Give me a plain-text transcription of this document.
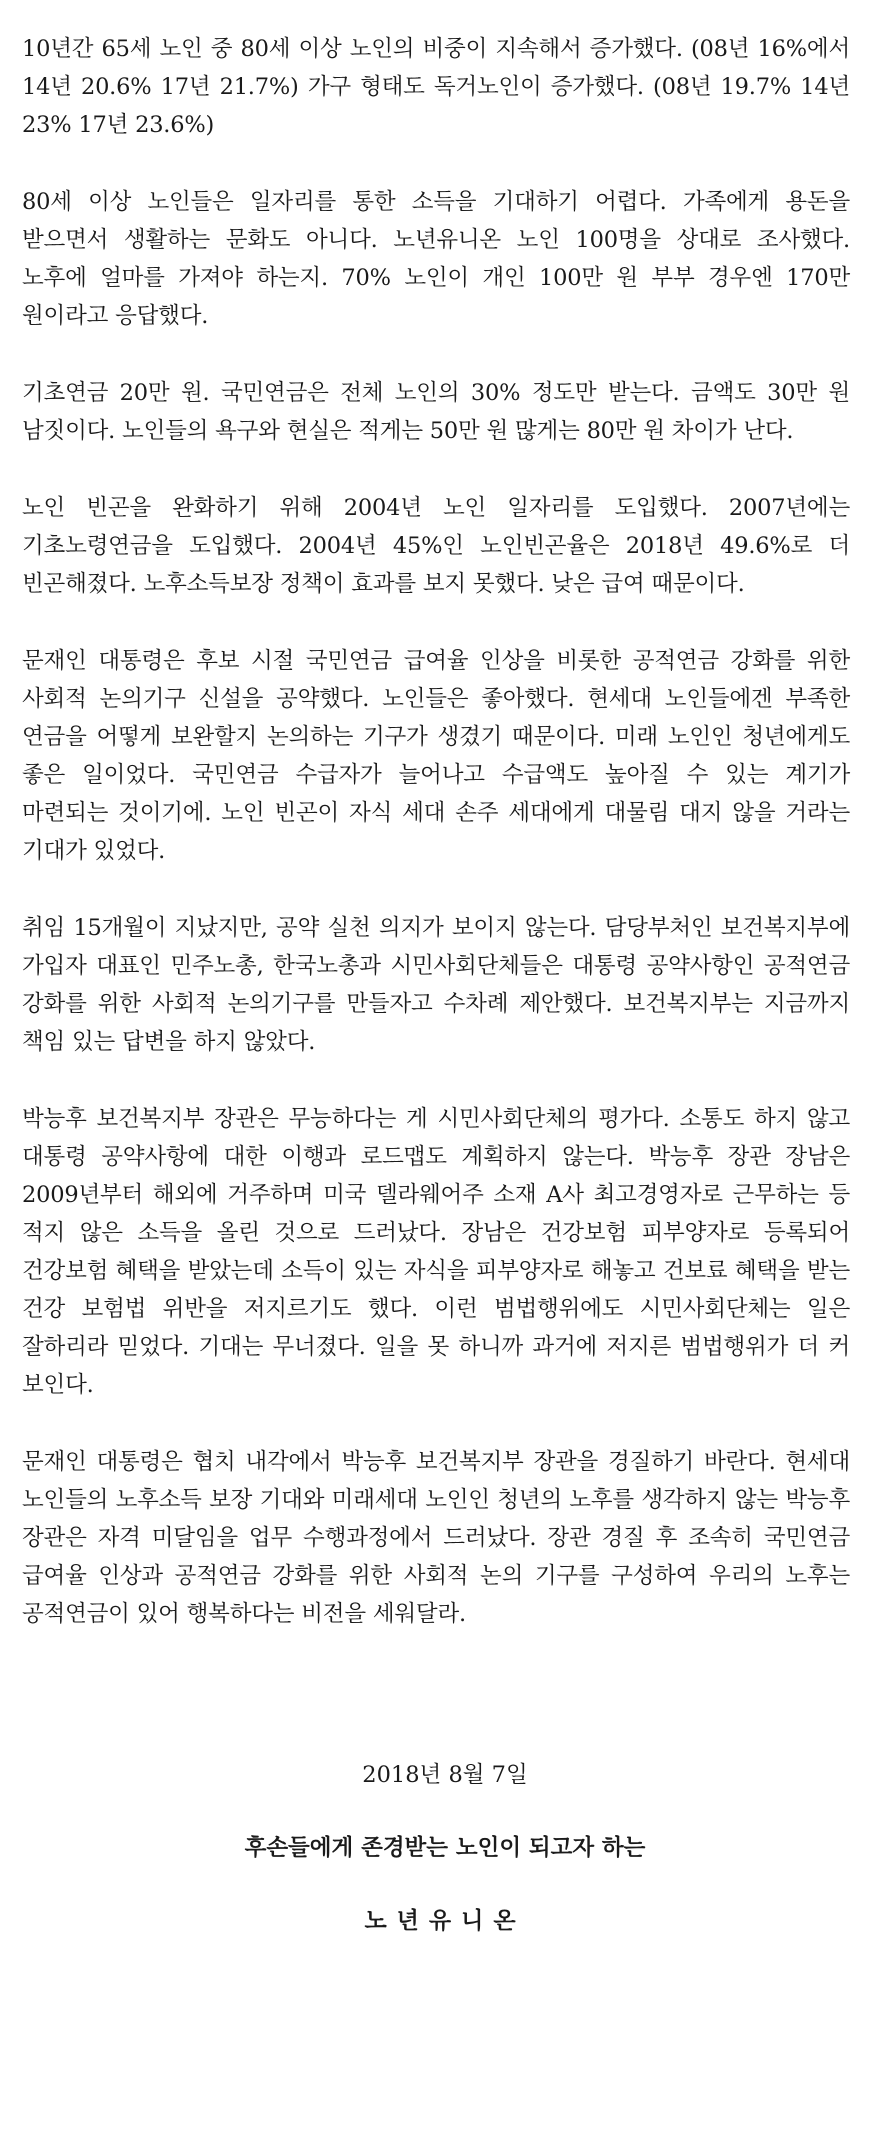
10년간 65세 노인 중 80세 이상 노인의 비중이 지속해서 증가했다. (08년 16%에서 14년 20.6% 17년 21.7%) 가구 형태도 독거노인이 증가했다. (08년 19.7% 14년 23% 17년 23.6%)

80세 이상 노인들은 일자리를 통한 소득을 기대하기 어렵다. 가족에게 용돈을 받으면서 생활하는 문화도 아니다. 노년유니온 노인 100명을 상대로 조사했다. 노후에 얼마를 가져야 하는지. 70% 노인이 개인 100만 원 부부 경우엔 170만 원이라고 응답했다.

기초연금 20만 원. 국민연금은 전체 노인의 30% 정도만 받는다. 금액도 30만 원 남짓이다. 노인들의 욕구와 현실은 적게는 50만 원 많게는 80만 원 차이가 난다.

노인 빈곤을 완화하기 위해 2004년 노인 일자리를 도입했다. 2007년에는 기초노령연금을 도입했다. 2004년 45%인 노인빈곤율은 2018년 49.6%로 더 빈곤해졌다. 노후소득보장 정책이 효과를 보지 못했다. 낮은 급여 때문이다.

문재인 대통령은 후보 시절 국민연금 급여율 인상을 비롯한 공적연금 강화를 위한 사회적 논의기구 신설을 공약했다. 노인들은 좋아했다. 현세대 노인들에겐 부족한 연금을 어떻게 보완할지 논의하는 기구가 생겼기 때문이다. 미래 노인인 청년에게도 좋은 일이었다. 국민연금 수급자가 늘어나고 수급액도 높아질 수 있는 계기가 마련되는 것이기에. 노인 빈곤이 자식 세대 손주 세대에게 대물림 대지 않을 거라는 기대가 있었다.

취임 15개월이 지났지만, 공약 실천 의지가 보이지 않는다. 담당부처인 보건복지부에 가입자 대표인 민주노총, 한국노총과 시민사회단체들은 대통령 공약사항인 공적연금 강화를 위한 사회적 논의기구를 만들자고 수차례 제안했다. 보건복지부는 지금까지 책임 있는 답변을 하지 않았다.

박능후 보건복지부 장관은 무능하다는 게 시민사회단체의 평가다. 소통도 하지 않고 대통령 공약사항에 대한 이행과 로드맵도 계획하지 않는다. 박능후 장관 장남은 2009년부터 해외에 거주하며 미국 델라웨어주 소재 A사 최고경영자로 근무하는 등 적지 않은 소득을 올린 것으로 드러났다. 장남은 건강보험 피부양자로 등록되어 건강보험 혜택을 받았는데 소득이 있는 자식을 피부양자로 해놓고 건보료 혜택을 받는 건강 보험법 위반을 저지르기도 했다. 이런 범법행위에도 시민사회단체는 일은 잘하리라 믿었다. 기대는 무너졌다. 일을 못 하니까 과거에 저지른 범법행위가 더 커 보인다.

문재인 대통령은 협치 내각에서 박능후 보건복지부 장관을 경질하기 바란다. 현세대 노인들의 노후소득 보장 기대와 미래세대 노인인 청년의 노후를 생각하지 않는 박능후 장관은 자격 미달임을 업무 수행과정에서 드러났다. 장관 경질 후 조속히 국민연금 급여율 인상과 공적연금 강화를 위한 사회적 논의 기구를 구성하여 우리의 노후는 공적연금이 있어 행복하다는 비전을 세워달라.

2018년 8월 7일
후손들에게 존경받는 노인이 되고자 하는
노년유니온
